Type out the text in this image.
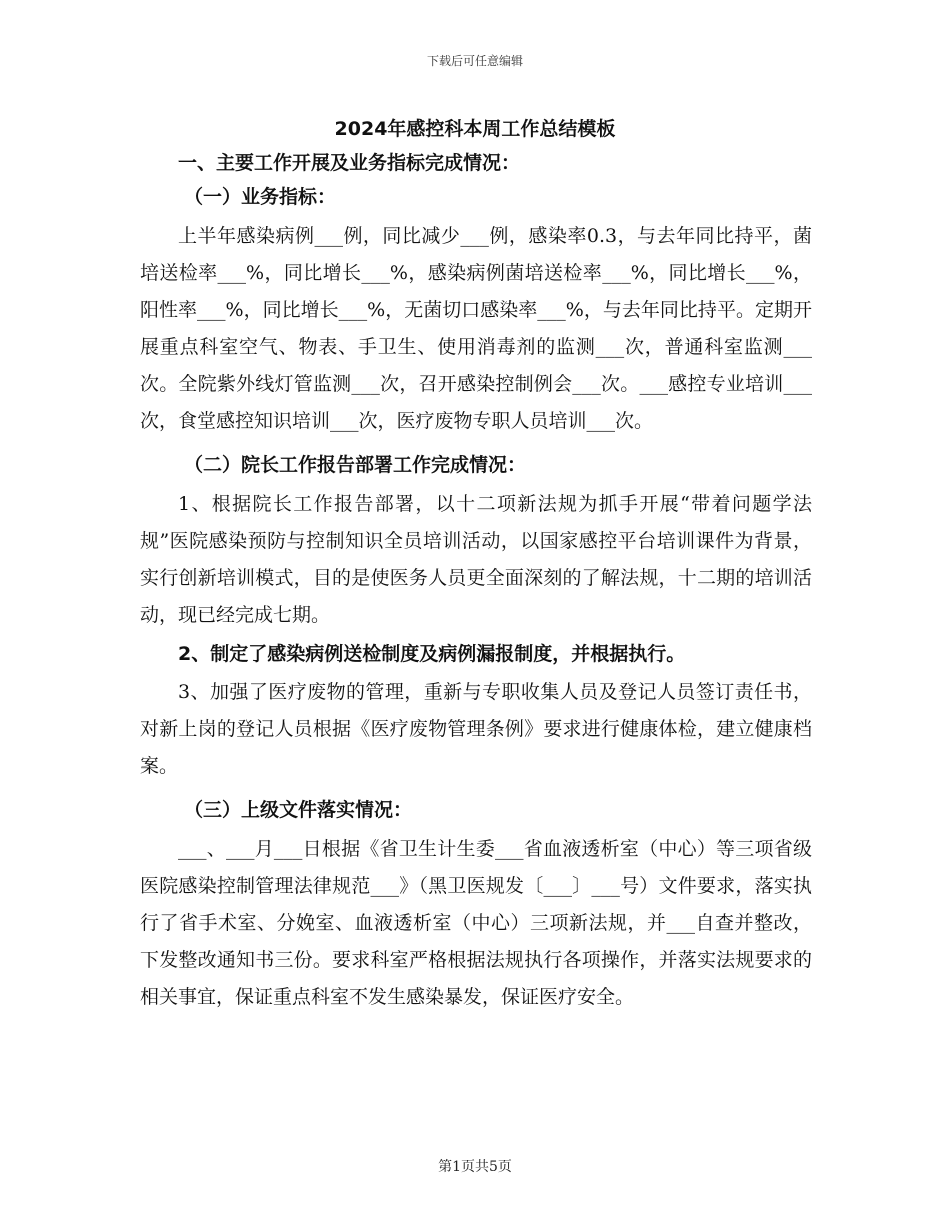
下载后可任意编辑
2024年感控科本周工作总结模板
一、主要工作开展及业务指标完成情况：
（一）业务指标：

上半年感染病例___例，同比减少___例，感染率0.3，与去年同比持平，菌培送检率___%，同比增长___%，感染病例菌培送检率___%，同比增长___%，阳性率___%，同比增长___%，无菌切口感染率___%，与去年同比持平。定期开展重点科室空气、物表、手卫生、使用消毒剂的监测___次，普通科室监测___次。全院紫外线灯管监测___次，召开感染控制例会___次。___感控专业培训___次，食堂感控知识培训___次，医疗废物专职人员培训___次。

（二）院长工作报告部署工作完成情况：

1、根据院长工作报告部署，以十二项新法规为抓手开展“带着问题学法规”医院感染预防与控制知识全员培训活动，以国家感控平台培训课件为背景，实行创新培训模式，目的是使医务人员更全面深刻的了解法规，十二期的培训活动，现已经完成七期。

2、制定了感染病例送检制度及病例漏报制度，并根据执行。

3、加强了医疗废物的管理，重新与专职收集人员及登记人员签订责任书，对新上岗的登记人员根据《医疗废物管理条例》要求进行健康体检，建立健康档案。

（三）上级文件落实情况：

___、___月___日根据《省卫生计生委___省血液透析室（中心）等三项省级医院感染控制管理法律规范___》（黑卫医规发〔___〕___号）文件要求，落实执行了省手术室、分娩室、血液透析室（中心）三项新法规，并___自查并整改，下发整改通知书三份。要求科室严格根据法规执行各项操作，并落实法规要求的相关事宜，保证重点科室不发生感染暴发，保证医疗安全。

第1页共5页
